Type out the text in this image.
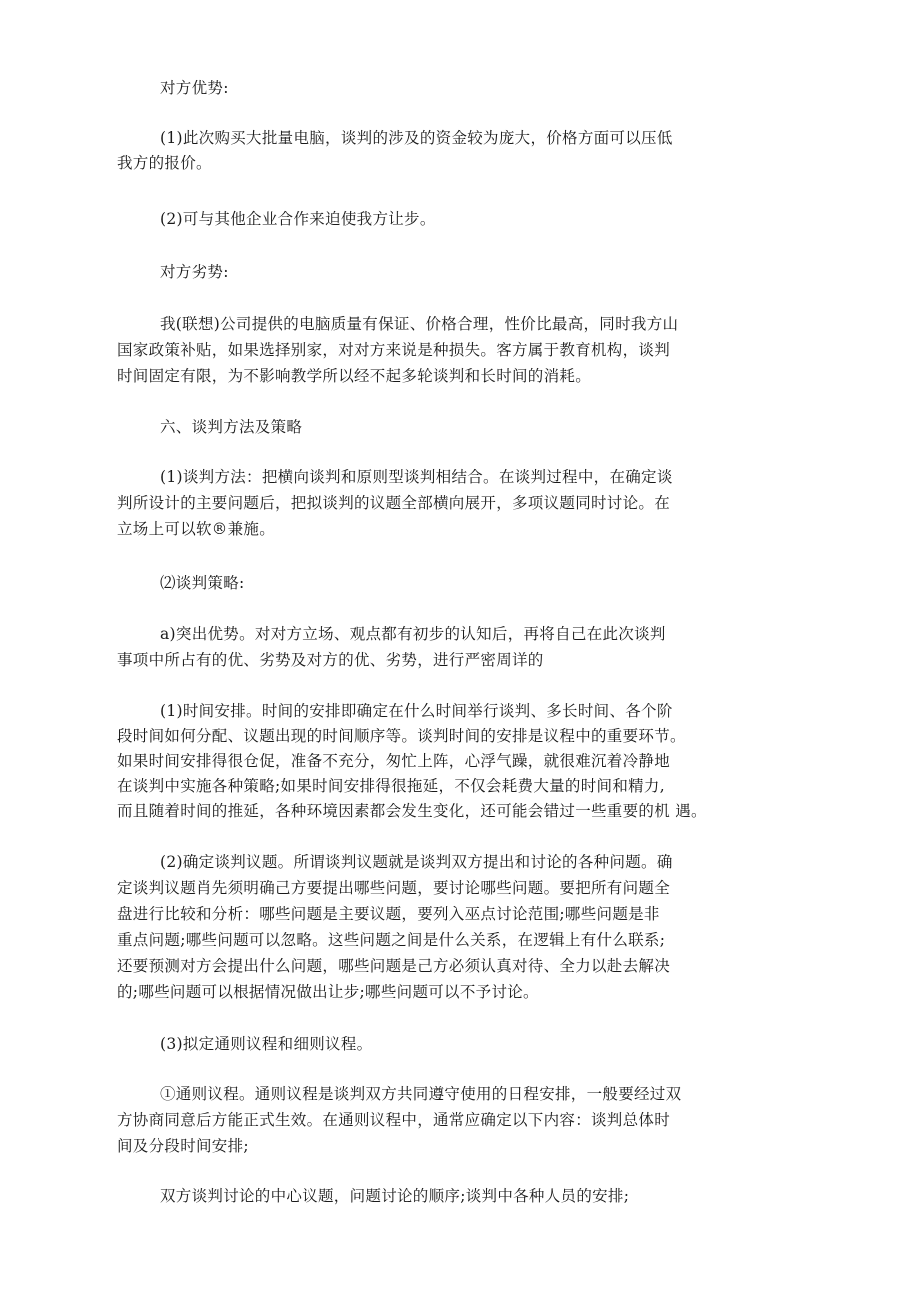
对方优势:
(1)此次购买大批量电脑，谈判的涉及的资金较为庞大，价格方面可以压低
我方的报价。
(2)可与其他企业合作来迫使我方让步。
对方劣势:
我(联想)公司提供的电脑质量有保证、价格合理，性价比最高，同时我方山
国家政策补贴，如果选择别家，对对方来说是种损失。客方属于教育机构，谈判
时间固定有限，为不影响教学所以经不起多轮谈判和长时间的消耗。
六、谈判方法及策略
(1)谈判方法：把横向谈判和原则型谈判相结合。在谈判过程中，在确定谈
判所设计的主要问题后，把拟谈判的议题全部横向展开，多项议题同时讨论。在
立场上可以软®兼施。
⑵谈判策略:
a)突出优势。对对方立场、观点都有初步的认知后，再将自己在此次谈判
事项中所占有的优、劣势及对方的优、劣势，进行严密周详的
(1)时间安排。时间的安排即确定在什么时间举行谈判、多长时间、各个阶
段时间如何分配、议题出现的时间顺序等。谈判时间的安排是议程中的重要环节。
如果时间安排得很仓促，准备不充分，匆忙上阵，心浮气躁，就很难沉着冷静地
在谈判中实施各种策略;如果时间安排得很拖延，不仅会耗费大量的时间和精力,
而且随着时间的推延，各种环境因素都会发生变化，还可能会错过一些重要的机 遇。
(2)确定谈判议题。所谓谈判议题就是谈判双方提出和讨论的各种问题。确
定谈判议题肖先须明确己方要提出哪些问题，要讨论哪些问题。要把所有问题全
盘进行比较和分析：哪些问题是主要议题，要列入巫点讨论范围;哪些问题是非
重点问题;哪些问题可以忽略。这些问题之间是什么关系，在逻辑上有什么联系;
还要预测对方会提出什么问题，哪些问题是己方必须认真对待、全力以赴去解决
的;哪些问题可以根据情况做出让步;哪些问题可以不予讨论。
(3)拟定通则议程和细则议程。
①通则议程。通则议程是谈判双方共同遵守使用的日程安排，一般要经过双
方协商同意后方能正式生效。在通则议程中，通常应确定以下内容：谈判总体时
间及分段时间安排;
双方谈判讨论的中心议题，问题讨论的顺序;谈判中各种人员的安排;
